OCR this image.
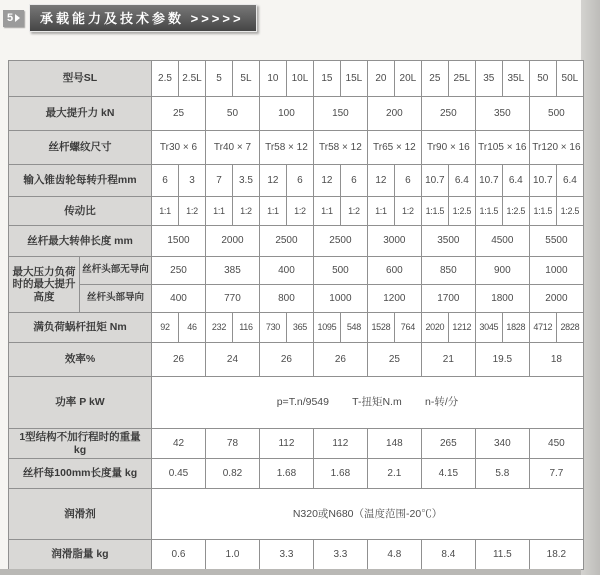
5	承载能力及技术参数 >>>>>
型号SL		2.5	2.5L	5	5L	10	10L	15	15L	20	20L	25	25L	35	35L	50	50L
最大提升力 kN		25		50		100		150		200		250		350		500	
丝杆螺纹尺寸		Tr30 × 6		Tr40 × 7		Tr58 × 12		Tr58 × 12		Tr65 × 12		Tr90 × 16		Tr105 × 16		Tr120 × 16	
输入锥齿轮每转升程mm		6	3	7	3.5	12	6	12	6	12	6	10.7	6.4	10.7	6.4	10.7	6.4
传动比		1:1	1:2	1:1	1:2	1:1	1:2	1:1	1:2	1:1	1:2	1:1.5	1:2.5	1:1.5	1:2.5	1:1.5	1:2.5
丝杆最大转伸长度 mm		1500		2000		2500		2500		3000		3500		4500		5500	
最大压力负荷时的最大提升高度	丝杆头部无导向	250		385		400		500		600		850		900		1000	
	丝杆头部导向	400		770		800		1000		1200		1700		1800		2000	
满负荷蜗杆扭矩 Nm		92	46	232	116	730	365	1095	548	1528	764	2020	1212	3045	1828	4712	2828
效率%		26		24		26		26		25		21		19.5		18	
功率 P kW		p=T.n/9549        T-扭矩N.m        n-转/分															
1型结构不加行程时的重量 kg		42		78		112		112		148		265		340		450	
丝杆每100mm长度量 kg		0.45		0.82		1.68		1.68		2.1		4.15		5.8		7.7	
润滑剂		N320或N680（温度范围-20℃）															
润滑脂量 kg		0.6		1.0		3.3		3.3		4.8		8.4		11.5		18.2	
